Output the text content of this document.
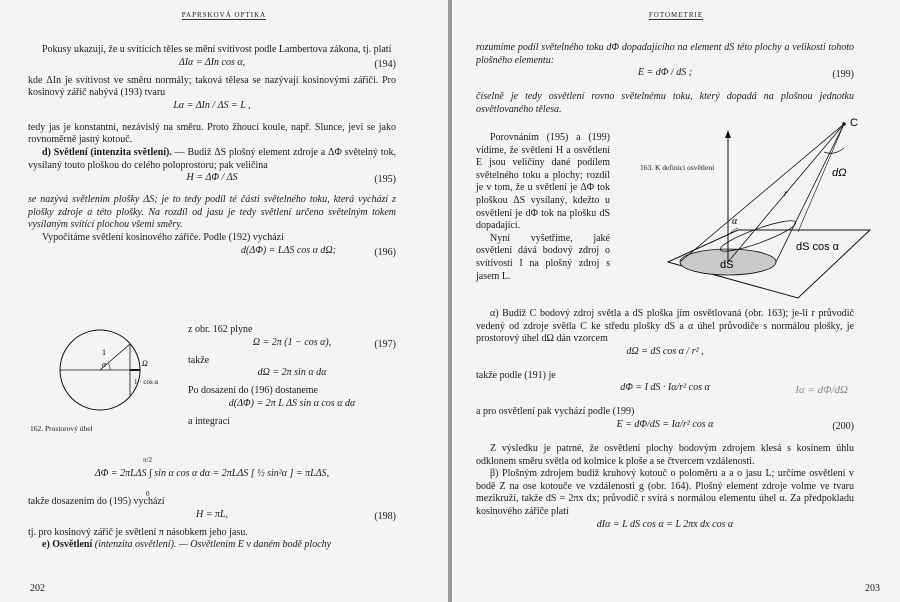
PAPRSKOVÁ OPTIKA

Pokusy ukazují, že u svítících těles se mění svítivost podle Lambertova zákona, tj. platí

ΔIα = ΔIn cos α,	(194)

kde ΔIn je svítivost ve směru normály; taková tělesa se nazývají kosinovými zářiči. Pro kosinový zářič nabývá (193) tvaru

Lα = ΔIn / ΔS = L ,

tedy jas je konstantní, nezávislý na směru. Proto žhoucí koule, např. Slunce, jeví se jako rovnoměrně jasný kotouč.

d) Světlení (intenzita světlení). — Budiž ΔS plošný element zdroje a ΔΦ světelný tok, vysílaný touto ploškou do celého poloprostoru; pak veličina

H = ΔΦ / ΔS	(195)

se nazývá světlením plošky ΔS; je to tedy podíl té části světelného toku, která vychází z plošky zdroje a této plošky. Na rozdíl od jasu je tedy světlení určeno světelným tokem vysílaným svítící plochou všemi směry.

Vypočítáme světlení kosinového zářiče. Podle (192) vychází

d(ΔΦ) = LΔS cos α dΩ;	(196)
1
α	Ω
1 · cos α
162. Prostorový úhel

z obr. 162 plyne

Ω = 2π (1 − cos α),	(197)

takže

dΩ = 2π sin α dα

Po dosazení do (196) dostaneme

d(ΔΦ) = 2π L ΔS sin α cos α dα

a integrací

π/2
ΔΦ = 2πLΔS ∫ sin α cos α dα = 2πLΔS [ ½ sin²α ] = πLΔS,
0

takže dosazením do (195) vychází

H = πL,	(198)

tj. pro kosinový zářič je světlení π násobkem jeho jasu.

e) Osvětlení (intenzita osvětlení). — Osvětlením E v daném bodě plochy

202
FOTOMETRIE

rozumíme podíl světelného toku dΦ dopadajícího na element dS této plochy a velikosti tohoto plošného elementu:

E = dΦ / dS ;	(199)

číselně je tedy osvětlení rovno světelnému toku, který dopadá na plošnou jednotku osvětlovaného tělesa.

Porovnáním (195) a (199) vidíme, že světlení H a osvětlení E jsou veličiny dané podílem světelného toku a plochy; rozdíl je v tom, že u světlení je ΔΦ tok ploškou ΔS vysílaný, kdežto u osvětlení je dΦ tok na plošku dS dopadající.

Nyní vyšetříme, jaké osvětlení dává bodový zdroj o svítivosti I na plošný zdroj s jasem L.

163. K definici osvětlení
C
dΩ
r
α
dS cos α
dS

α) Budiž C bodový zdroj světla a dS ploška jím osvětlovaná (obr. 163); je-li r průvodič vedený od zdroje světla C ke středu plošky dS a α úhel průvodiče s normálou plošky, je prostorový úhel dΩ dán vzorcem

dΩ = dS cos α / r² ,

takže podle (191) je

dΦ = I dS · Iα/r² cos α	Iα = dΦ/dΩ

a pro osvětlení pak vychází podle (199)

E = dΦ/dS = Iα/r² cos α	(200)

Z výsledku je patrné, že osvětlení plochy bodovým zdrojem klesá s kosinem úhlu odklonem směru světla od kolmice k ploše a se čtvercem vzdálenosti.

β) Plošným zdrojem budiž kruhový kotouč o poloměru a a o jasu L; určíme osvětlení v bodě Z na ose kotouče ve vzdálenosti g (obr. 164). Plošný element zdroje volme ve tvaru mezikruží, takže dS = 2πx dx; průvodič r svírá s normálou elementu úhel α. Za předpokladu kosinového zářiče platí

dIα = L dS cos α = L 2πx dx cos α
203
